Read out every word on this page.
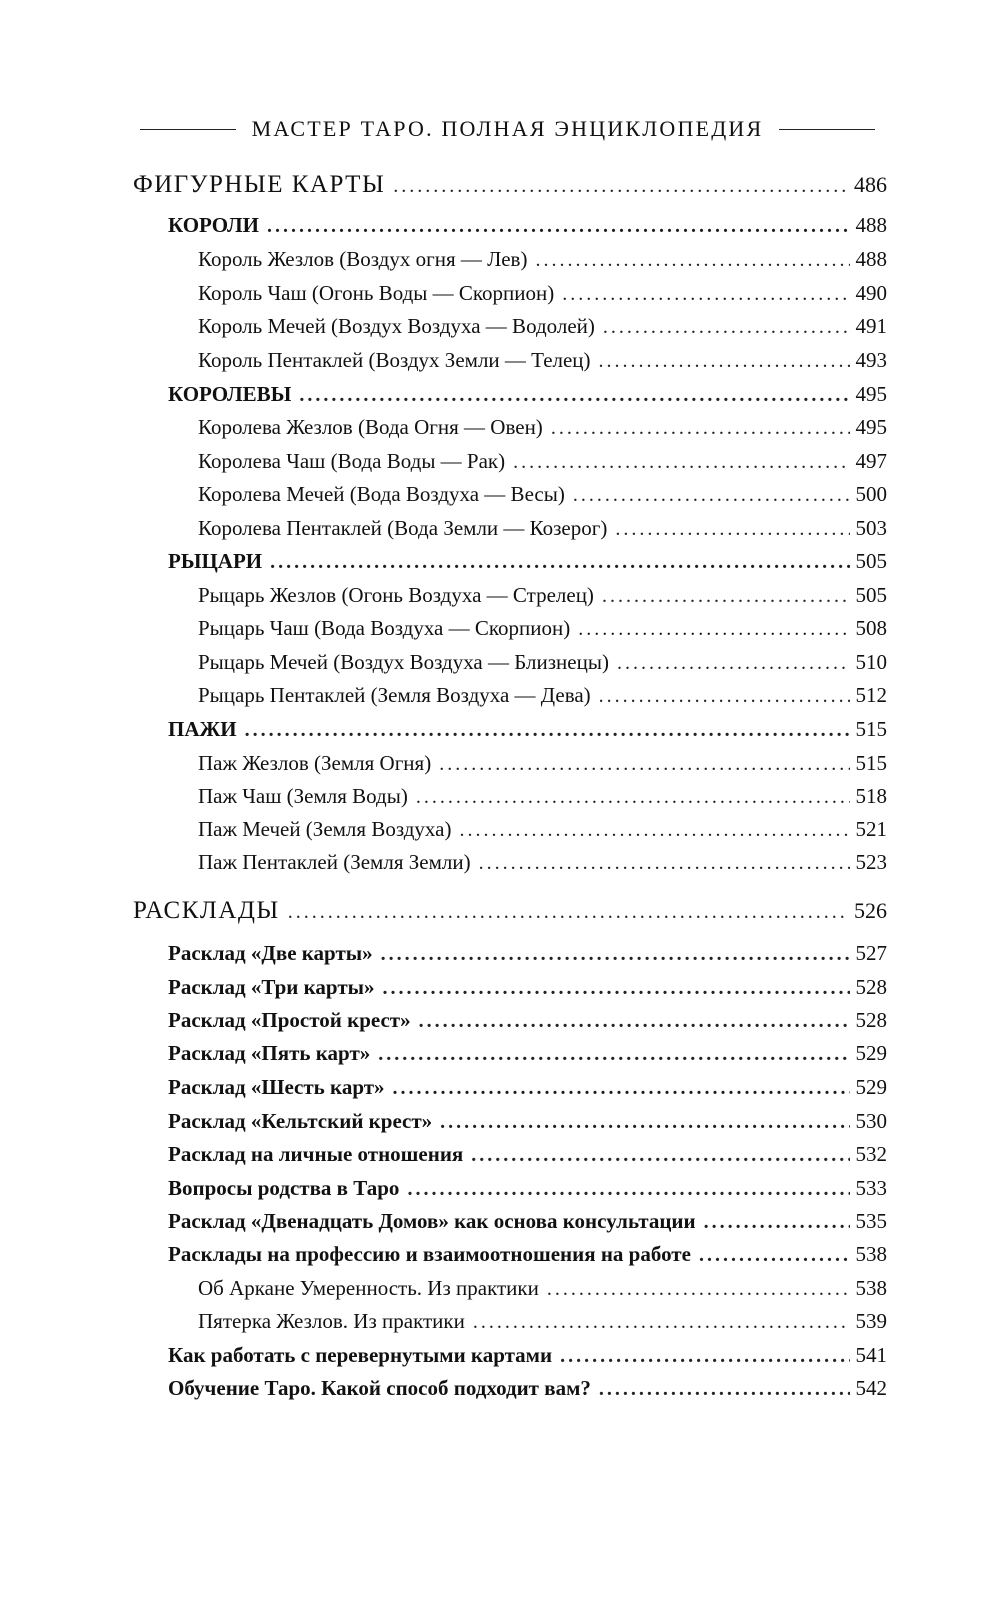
МАСТЕР ТАРО. ПОЛНАЯ ЭНЦИКЛОПЕДИЯ
ФИГУРНЫЕ КАРТЫ . . .	486
КОРОЛИ . . .	488
Король Жезлов (Воздух огня — Лев) . . .	488
Король Чаш (Огонь Воды — Скорпион) . . .	490
Король Мечей (Воздух Воздуха — Водолей) . . .	491
Король Пентаклей (Воздух Земли — Телец) . . .	493
КОРОЛЕВЫ . . .	495
Королева Жезлов (Вода Огня — Овен) . . .	495
Королева Чаш (Вода Воды — Рак) . . .	497
Королева Мечей (Вода Воздуха — Весы) . . .	500
Королева Пентаклей (Вода Земли — Козерог) . . .	503
РЫЦАРИ . . .	505
Рыцарь Жезлов (Огонь Воздуха — Стрелец) . . .	505
Рыцарь Чаш (Вода Воздуха — Скорпион) . . .	508
Рыцарь Мечей (Воздух Воздуха — Близнецы) . . .	510
Рыцарь Пентаклей (Земля Воздуха — Дева) . . .	512
ПАЖИ . . .	515
Паж Жезлов (Земля Огня) . . .	515
Паж Чаш (Земля Воды) . . .	518
Паж Мечей (Земля Воздуха) . . .	521
Паж Пентаклей (Земля Земли) . . .	523
РАСКЛАДЫ . . .	526
Расклад «Две карты» . . .	527
Расклад «Три карты» . . .	528
Расклад «Простой крест» . . .	528
Расклад «Пять карт» . . .	529
Расклад «Шесть карт» . . .	529
Расклад «Кельтский крест» . . .	530
Расклад на личные отношения . . .	532
Вопросы родства в Таро . . .	533
Расклад «Двенадцать Домов» как основа консультации . . .	535
Расклады на профессию и взаимоотношения на работе . . .	538
Об Аркане Умеренность. Из практики . . .	538
Пятерка Жезлов. Из практики . . .	539
Как работать с перевернутыми картами . . .	541
Обучение Таро. Какой способ подходит вам? . . .	542
